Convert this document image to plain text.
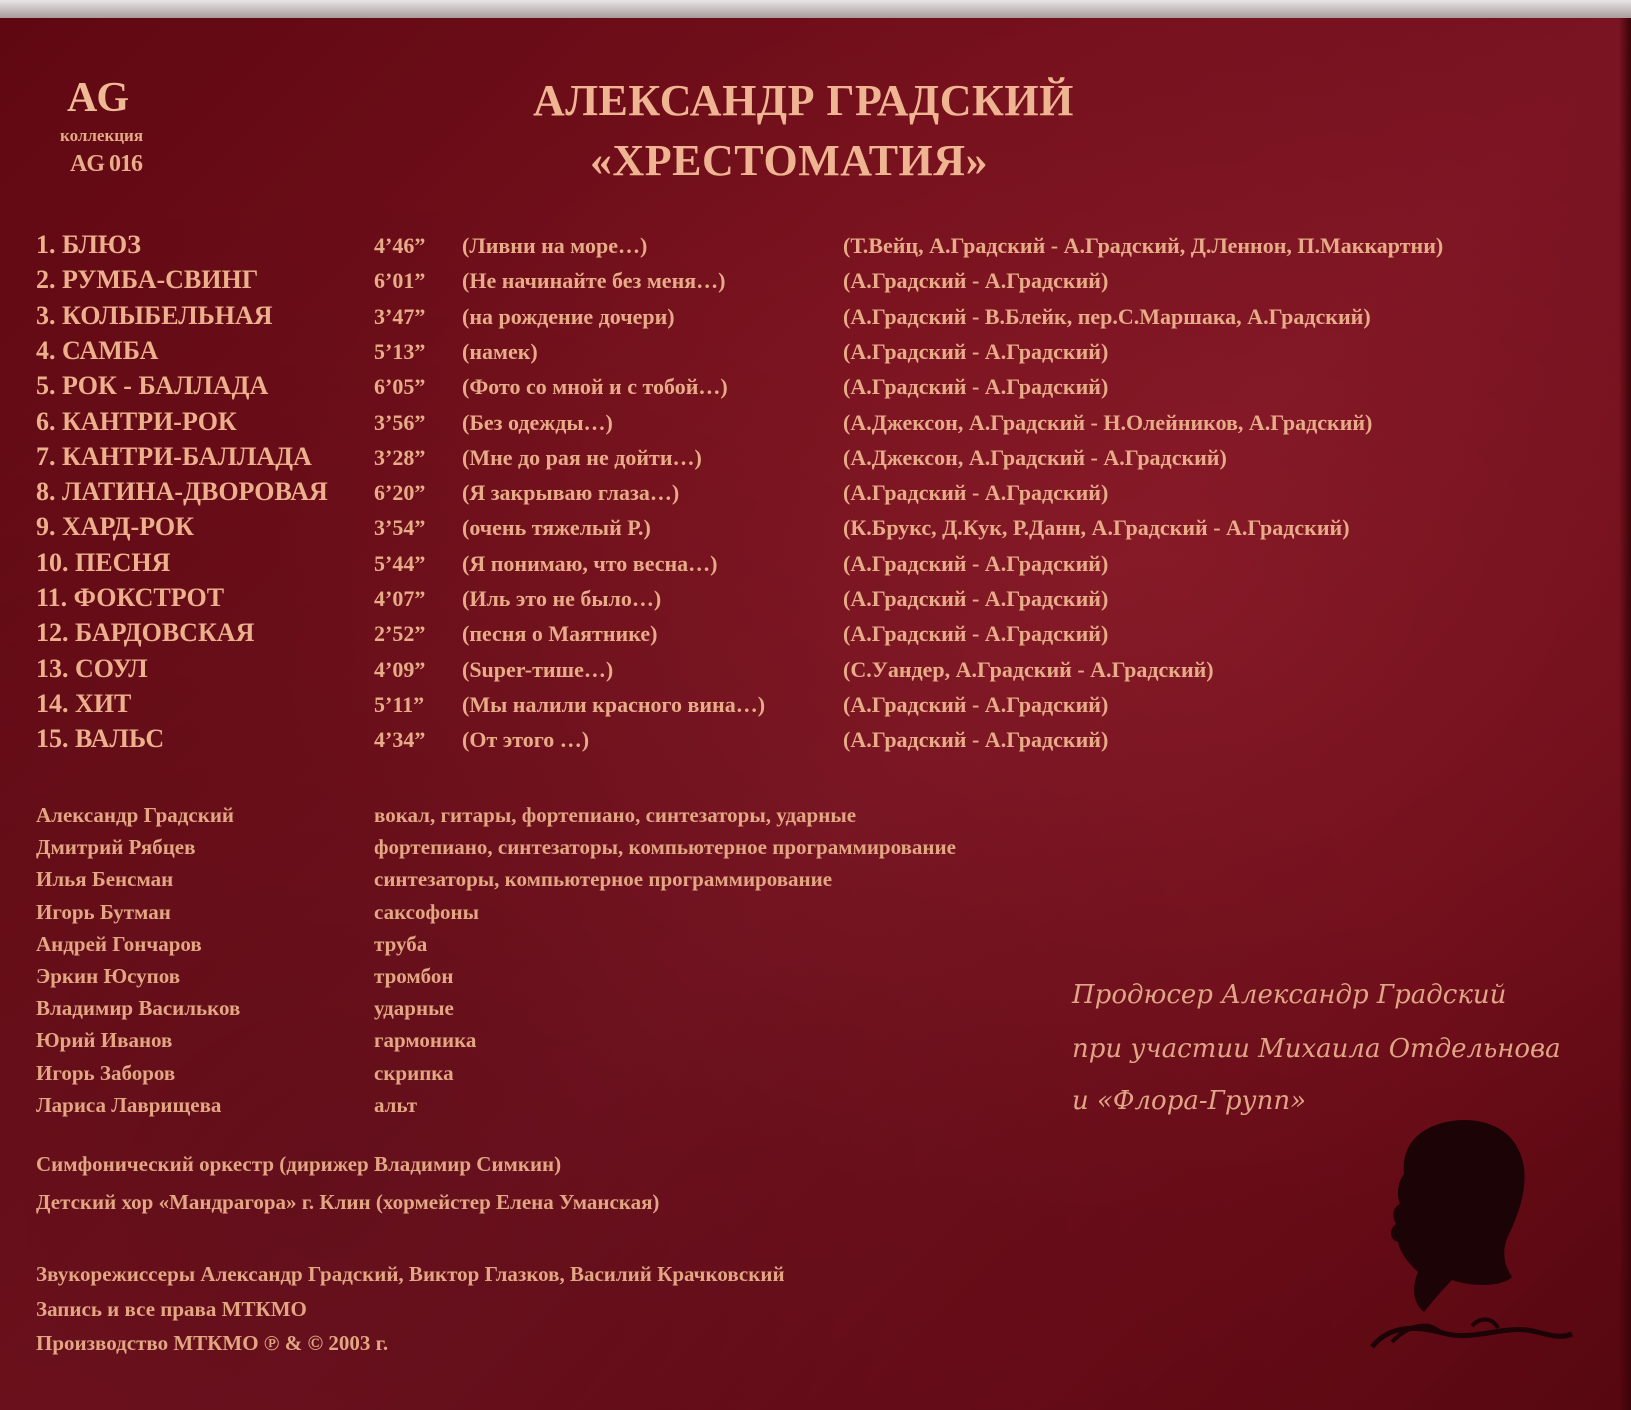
AG
коллекция
AG 016
АЛЕКСАНДР ГРАДСКИЙ
«ХРЕСТОМАТИЯ»
1. БЛЮЗ	4’46” (Ливни на море…)	(Т.Вейц, А.Градский - А.Градский, Д.Леннон, П.Маккартни)
2. РУМБА-СВИНГ	6’01” (Не начинайте без меня…)	(А.Градский - А.Градский)
3. КОЛЫБЕЛЬНАЯ	3’47” (на рождение дочери)	(А.Градский - В.Блейк, пер.С.Маршака, А.Градский)
4. САМБА	5’13” (намек)	(А.Градский - А.Градский)
5. РОК - БАЛЛАДА	6’05” (Фото со мной и с тобой…)	(А.Градский - А.Градский)
6. КАНТРИ-РОК	3’56” (Без одежды…)	(А.Джексон, А.Градский - Н.Олейников, А.Градский)
7. КАНТРИ-БАЛЛАДА	3’28” (Мне до рая не дойти…)	(А.Джексон, А.Градский - А.Градский)
8. ЛАТИНА-ДВОРОВАЯ 6’20” (Я закрываю глаза…)	(А.Градский - А.Градский)
9. ХАРД-РОК	3’54” (очень тяжелый Р.)	(К.Брукс, Д.Кук, Р.Данн, А.Градский - А.Градский)
10. ПЕСНЯ	5’44” (Я понимаю, что весна…)	(А.Градский - А.Градский)
11. ФОКСТРОТ	4’07” (Иль это не было…)	(А.Градский - А.Градский)
12. БАРДОВСКАЯ	2’52” (песня о Маятнике)	(А.Градский - А.Градский)
13. СОУЛ	4’09” (Super-тише…)	(С.Уандер, А.Градский - А.Градский)
14. ХИТ	5’11” (Мы налили красного вина…)	(А.Градский - А.Градский)
15. ВАЛЬС	4’34” (От этого …)	(А.Градский - А.Градский)
Александр Градский	вокал, гитары, фортепиано, синтезаторы, ударные
Дмитрий Рябцев	фортепиано, синтезаторы, компьютерное программирование
Илья Бенсман	синтезаторы, компьютерное программирование
Игорь Бутман	саксофоны
Андрей Гончаров	труба
Эркин Юсупов	тромбон
Владимир Васильков	ударные
Юрий Иванов	гармоника
Игорь Заборов	скрипка
Лариса Лаврищева	альт
Симфонический оркестр (дирижер Владимир Симкин)
Детский хор «Мандрагора» г. Клин (хормейстер Елена Уманская)
Звукорежиссеры Александр Градский, Виктор Глазков, Василий Крачковский
Запись и все права МТКМО
Производство МТКМО ℗ & © 2003 г.
Продюсер Александр Градский
при участии Михаила Отдельнова
и «Флора-Групп»
